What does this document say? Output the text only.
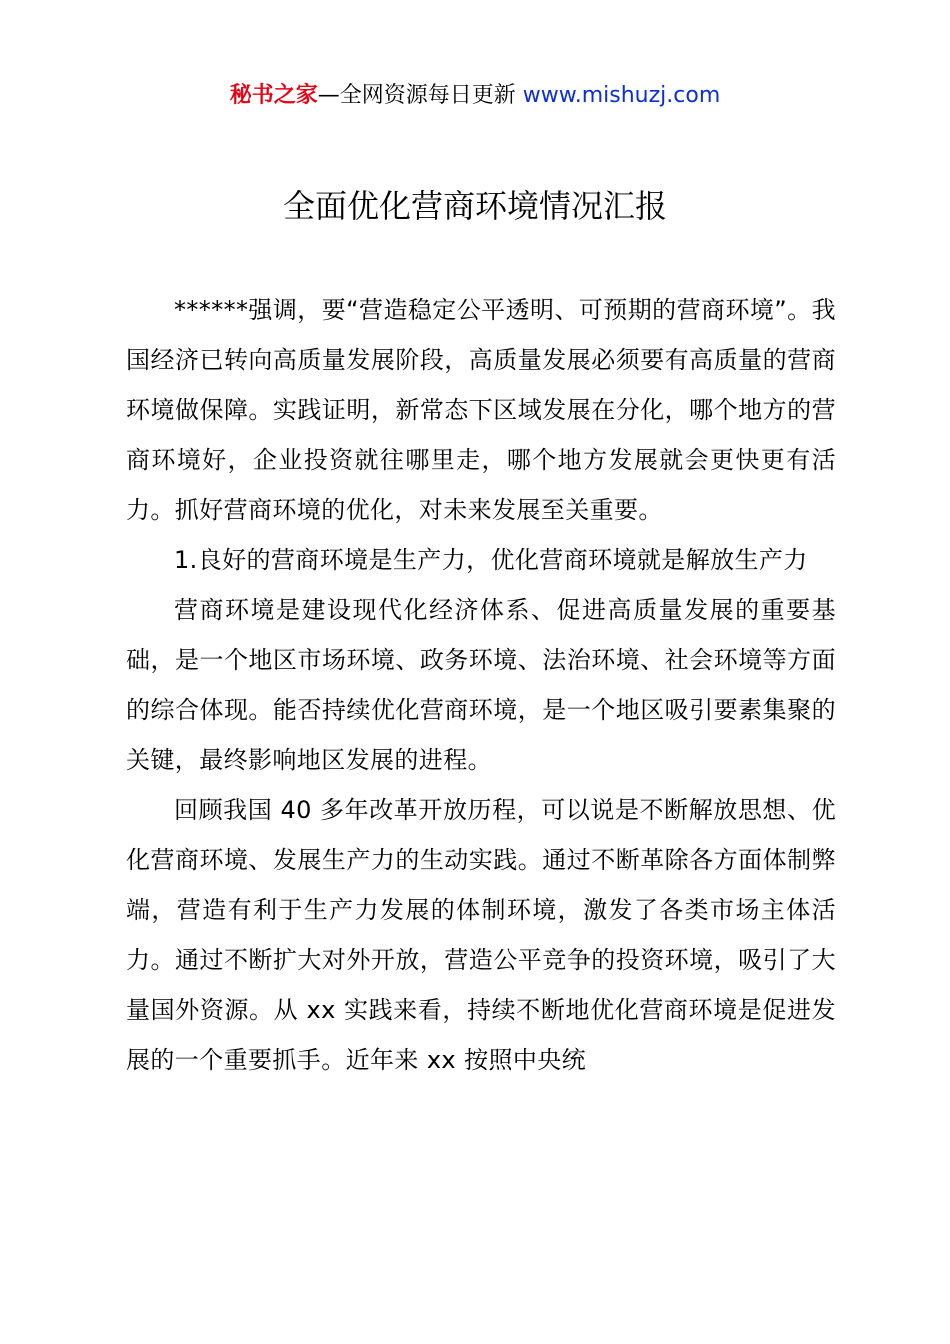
秘书之家—全网资源每日更新 www.mishuzj.com
全面优化营商环境情况汇报

******强调，要“营造稳定公平透明、可预期的营商环境”。我国经济已转向高质量发展阶段，高质量发展必须要有高质量的营商环境做保障。实践证明，新常态下区域发展在分化，哪个地方的营商环境好，企业投资就往哪里走，哪个地方发展就会更快更有活力。抓好营商环境的优化，对未来发展至关重要。

1.良好的营商环境是生产力，优化营商环境就是解放生产力

营商环境是建设现代化经济体系、促进高质量发展的重要基础，是一个地区市场环境、政务环境、法治环境、社会环境等方面的综合体现。能否持续优化营商环境，是一个地区吸引要素集聚的关键，最终影响地区发展的进程。

回顾我国 40 多年改革开放历程，可以说是不断解放思想、优化营商环境、发展生产力的生动实践。通过不断革除各方面体制弊端，营造有利于生产力发展的体制环境，激发了各类市场主体活力。通过不断扩大对外开放，营造公平竞争的投资环境，吸引了大量国外资源。从 xx 实践来看，持续不断地优化营商环境是促进发展的一个重要抓手。近年来 xx 按照中央统
